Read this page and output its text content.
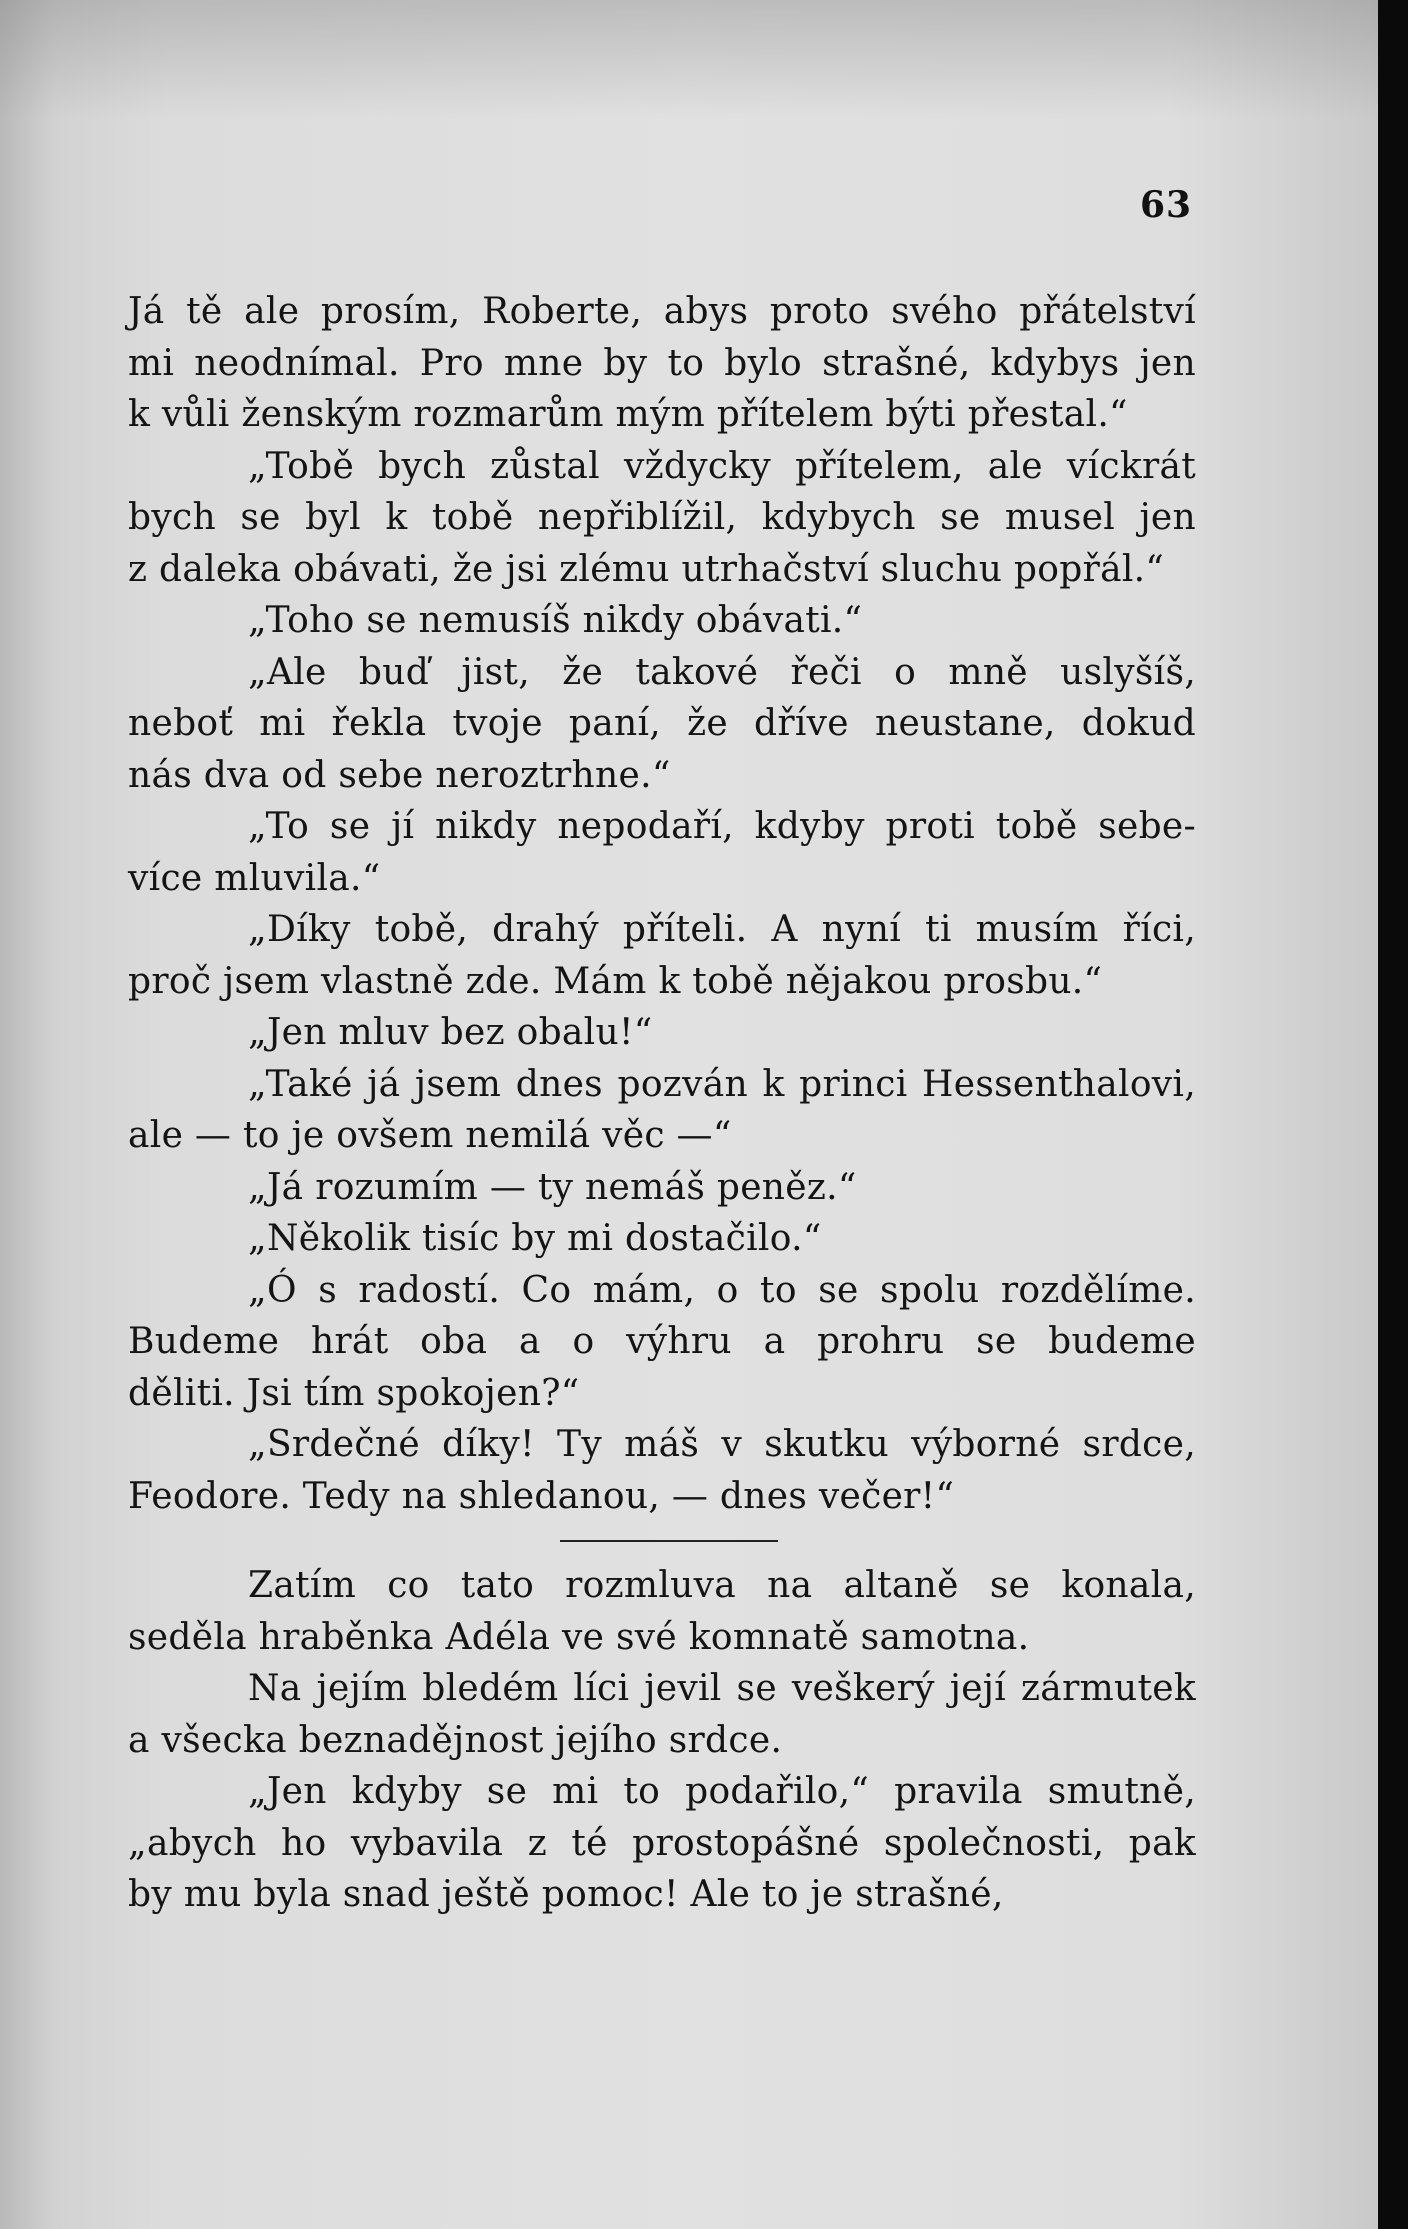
63
Já tě ale prosím, Roberte, abys proto svého přátelství
mi neodnímal. Pro mne by to bylo strašné, kdybys jen
k vůli ženským rozmarům mým přítelem býti přestal.“
„Tobě bych zůstal vždycky přítelem, ale víckrát
bych se byl k tobě nepřiblížil, kdybych se musel jen
z daleka obávati, že jsi zlému utrhačství sluchu popřál.“
„Toho se nemusíš nikdy obávati.“
„Ale buď jist, že takové řeči o mně uslyšíš,
neboť mi řekla tvoje paní, že dříve neustane, dokud
nás dva od sebe neroztrhne.“
„To se jí nikdy nepodaří, kdyby proti tobě sebe-
více mluvila.“
„Díky tobě, drahý příteli. A nyní ti musím říci,
proč jsem vlastně zde. Mám k tobě nějakou prosbu.“
„Jen mluv bez obalu!“
„Také já jsem dnes pozván k princi Hessenthalovi,
ale — to je ovšem nemilá věc —“
„Já rozumím — ty nemáš peněz.“
„Několik tisíc by mi dostačilo.“
„Ó s radostí. Co mám, o to se spolu rozdělíme.
Budeme hrát oba a o výhru a prohru se budeme
děliti. Jsi tím spokojen?“
„Srdečné díky! Ty máš v skutku výborné srdce,
Feodore. Tedy na shledanou, — dnes večer!“
Zatím co tato rozmluva na altaně se konala,
seděla hraběnka Adéla ve své komnatě samotna.
Na jejím bledém líci jevil se veškerý její zármutek
a všecka beznadějnost jejího srdce.
„Jen kdyby se mi to podařilo,“ pravila smutně,
„abych ho vybavila z té prostopášné společnosti, pak
by mu byla snad ještě pomoc! Ale to je strašné,
